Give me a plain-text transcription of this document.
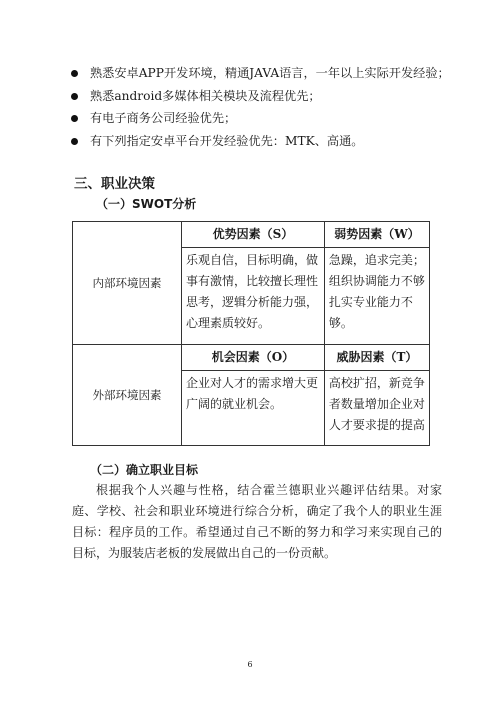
熟悉安卓APP开发环境，精通JAVA语言，一年以上实际开发经验；
熟悉android多媒体相关模块及流程优先；
有电子商务公司经验优先；
有下列指定安卓平台开发经验优先：MTK、高通。
三、职业决策
（一）SWOT分析
内部环境因素	优势因素（S）	弱势因素（W）
	乐观自信，目标明确，做事有激情，比较擅长理性思考，逻辑分析能力强，心理素质较好。	急躁，追求完美；组织协调能力不够扎实专业能力不够。
外部环境因素	机会因素（O）	威胁因素（T）
	企业对人才的需求增大更广阔的就业机会。	高校扩招，新竞争者数量增加企业对人才要求提的提高
（二）确立职业目标

根据我个人兴趣与性格，结合霍兰德职业兴趣评估结果。对家庭、学校、社会和职业环境进行综合分析，确定了我个人的职业生涯目标：程序员的工作。希望通过自己不断的努力和学习来实现自己的目标，为服装店老板的发展做出自己的一份贡献。

6
